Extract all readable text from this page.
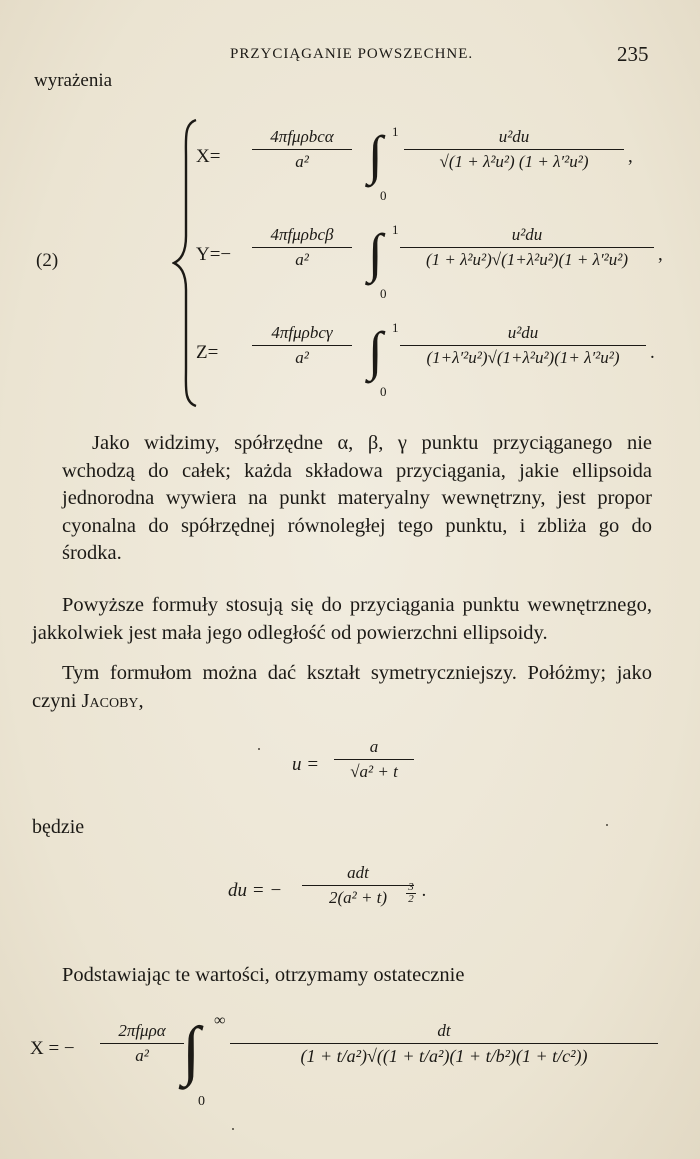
PRZYCIĄGANIE POWSZECHNE.	235
wyrażenia
(2)
X=
4πfμρbcα
a²	∫ 1
0
u²du
√(1 + λ²u²) (1 + λ′²u²)	,
Y=−
4πfμρbcβ
a²	∫ 1
0
u²du
(1 + λ²u²)√(1+λ²u²)(1 + λ′²u²)	,
Z=
4πfμρbcγ
a²	∫ 1
0
u²du
(1+λ′²u²)√(1+λ²u²)(1+ λ′²u²)	.
Jako widzimy, spółrzędne α, β, γ punktu przyciąganego nie wchodzą do całek; każda składowa przyciągania, jakie ellipsoida jednorodna wywiera na punkt materyalny wewnętrzny, jest propor cyonalna do spółrzędnej równoległej tego punktu, i zbliża go do środka.
Powyższe formuły stosują się do przyciągania punktu wewnętrznego, jakkolwiek jest mała jego odległość od powierzchni ellipsoidy.
Tym formułom można dać kształt symetryczniejszy. Połóżmy; jako czyni Jacoby,
u =
a
√a² + t
będzie
du = −
adt
2(a² + t)
3
2 .
Podstawiając te wartości, otrzymamy ostatecznie
X = −
2πfμρα
a² ∫ ∞
0
dt
(1 + t/a²)√((1 + t/a²)(1 + t/b²)(1 + t/c²))
